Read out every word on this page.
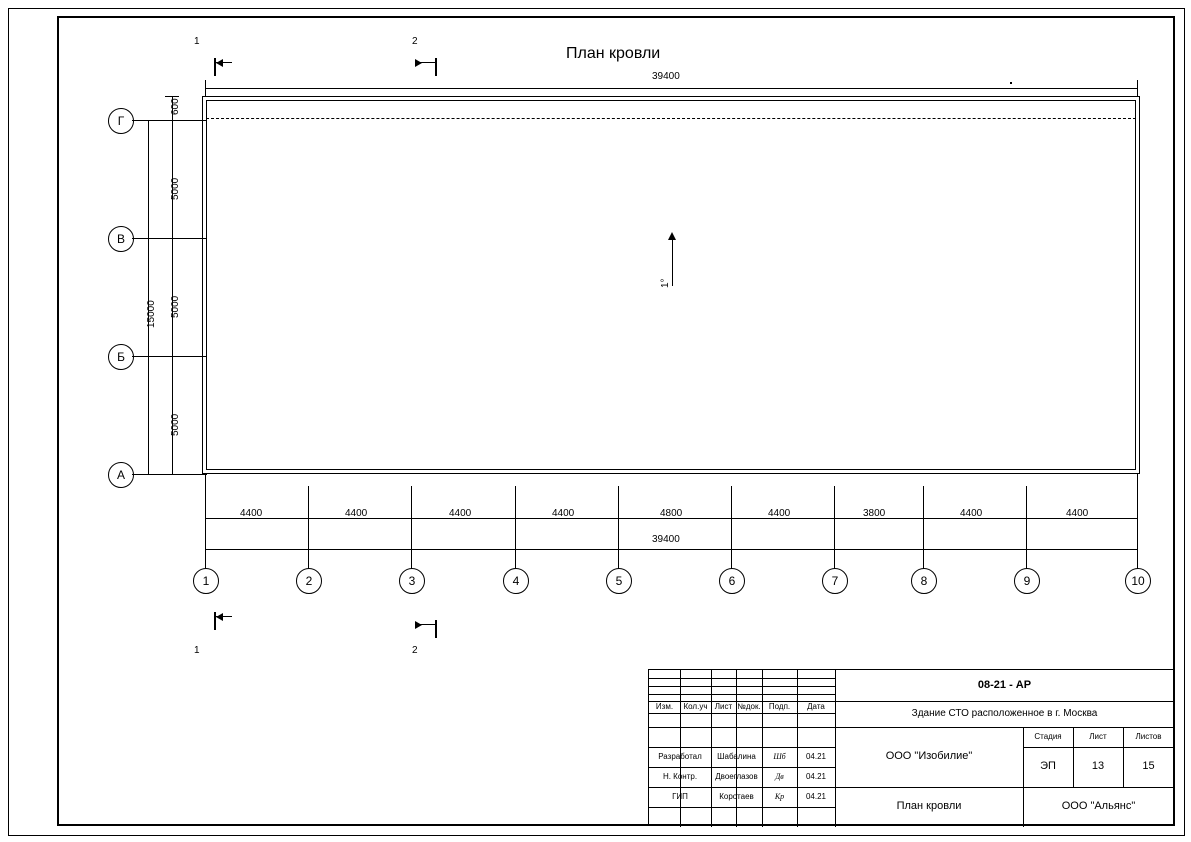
План кровли
1	2
39400
1°
Г
В
Б
А
600
5000
5000
5000
15000
4400	4400	4400	4400	4800	4400	3800	4400	4400
39400
1	2	3	4	5	6	7	8	9	10
1	2
Изм.	Кол.уч Лист №док.	Подп.	Дата
Разработал	Шабалина	Шб	04.21
Н. Контр.	Двоеглазов	Дв	04.21
ГИП	Коротаев	Кр	04.21
08-21 - АР
Здание СТО расположенное в г. Москва
ООО "Изобилие"
План кровли	ООО "Альянс"
Стадия	Лист	Листов
ЭП	13	15
